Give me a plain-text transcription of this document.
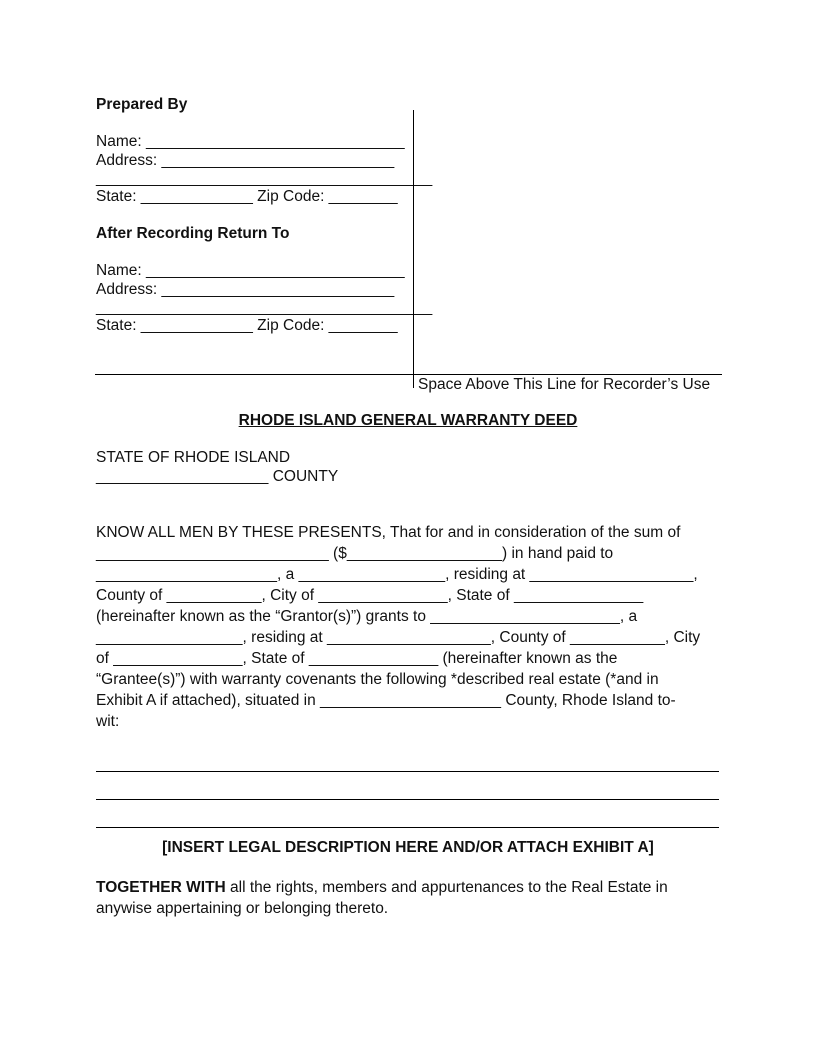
Prepared By
Name: ______________________________
Address: ___________________________
_______________________________________
State: _____________ Zip Code: ________
After Recording Return To
Name: ______________________________
Address: ___________________________
_______________________________________
State: _____________ Zip Code: ________
Space Above This Line for Recorder’s Use
RHODE ISLAND GENERAL WARRANTY DEED
STATE OF RHODE ISLAND
____________________ COUNTY
KNOW ALL MEN BY THESE PRESENTS, That for and in consideration of the sum of
___________________________ ($__________________) in hand paid to
_____________________, a _________________, residing at ___________________,
County of ___________, City of _______________, State of _______________
(hereinafter known as the “Grantor(s)”) grants to ______________________, a
_________________, residing at ___________________, County of ___________, City
of _______________, State of _______________ (hereinafter known as the
“Grantee(s)”) with warranty covenants the following *described real estate (*and in
Exhibit A if attached), situated in _____________________ County, Rhode Island to-
wit:
[INSERT LEGAL DESCRIPTION HERE AND/OR ATTACH EXHIBIT A]
TOGETHER WITH all the rights, members and appurtenances to the Real Estate in
anywise appertaining or belonging thereto.
